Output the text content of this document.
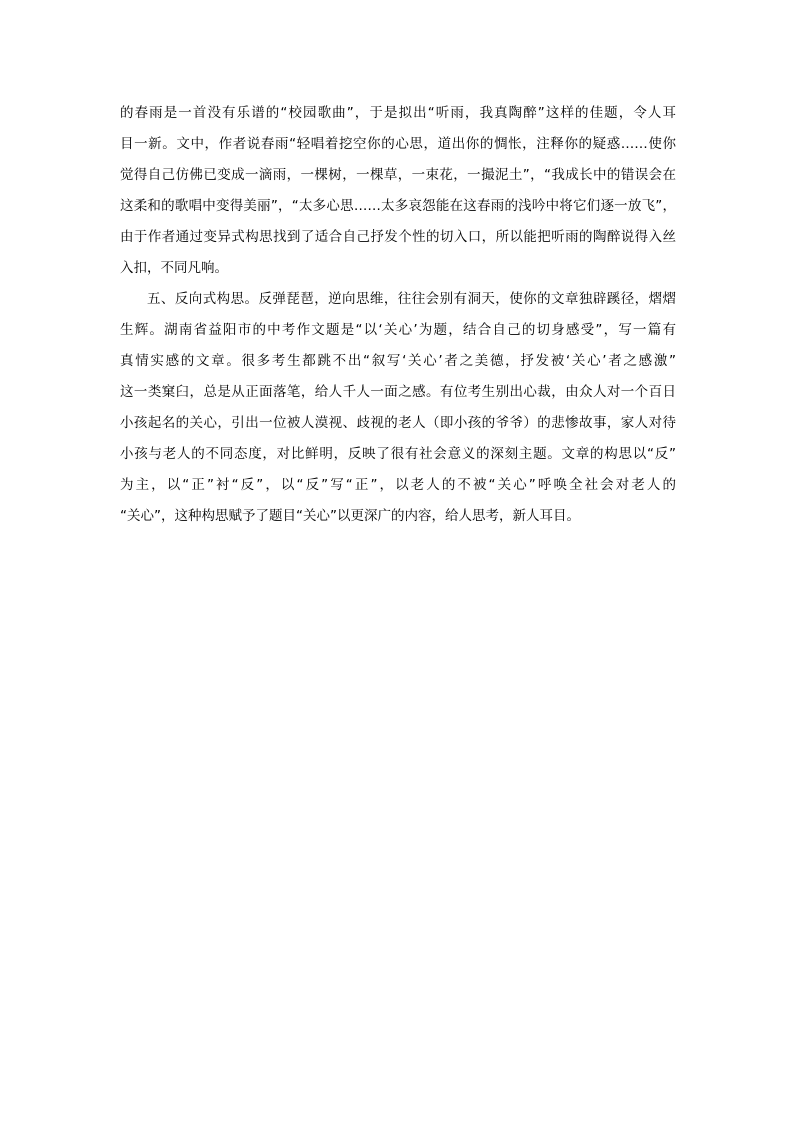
的春雨是一首没有乐谱的“校园歌曲”，于是拟出“听雨，我真陶醉”这样的佳题，令人耳
目一新。文中，作者说春雨“轻唱着挖空你的心思，道出你的惆怅，注释你的疑惑……使你
觉得自己仿佛已变成一滴雨，一棵树，一棵草，一束花，一撮泥土”，“我成长中的错误会在
这柔和的歌唱中变得美丽”，“太多心思……太多哀怨能在这春雨的浅吟中将它们逐一放飞”，
由于作者通过变异式构思找到了适合自己抒发个性的切入口，所以能把听雨的陶醉说得入丝
入扣，不同凡响。

五、反向式构思。反弹琵琶，逆向思维，往往会别有洞天，使你的文章独辟蹊径，熠熠
生辉。湖南省益阳市的中考作文题是“以‘关心’为题，结合自己的切身感受”，写一篇有
真情实感的文章。很多考生都跳不出“叙写‘关心’者之美德，抒发被‘关心’者之感激”
这一类窠臼，总是从正面落笔，给人千人一面之感。有位考生别出心裁，由众人对一个百日
小孩起名的关心，引出一位被人漠视、歧视的老人（即小孩的爷爷）的悲惨故事，家人对待
小孩与老人的不同态度，对比鲜明，反映了很有社会意义的深刻主题。文章的构思以“反”
为主，以“正”衬“反”，以“反”写“正”，以老人的不被“关心”呼唤全社会对老人的
“关心”，这种构思赋予了题目“关心”以更深广的内容，给人思考，新人耳目。
